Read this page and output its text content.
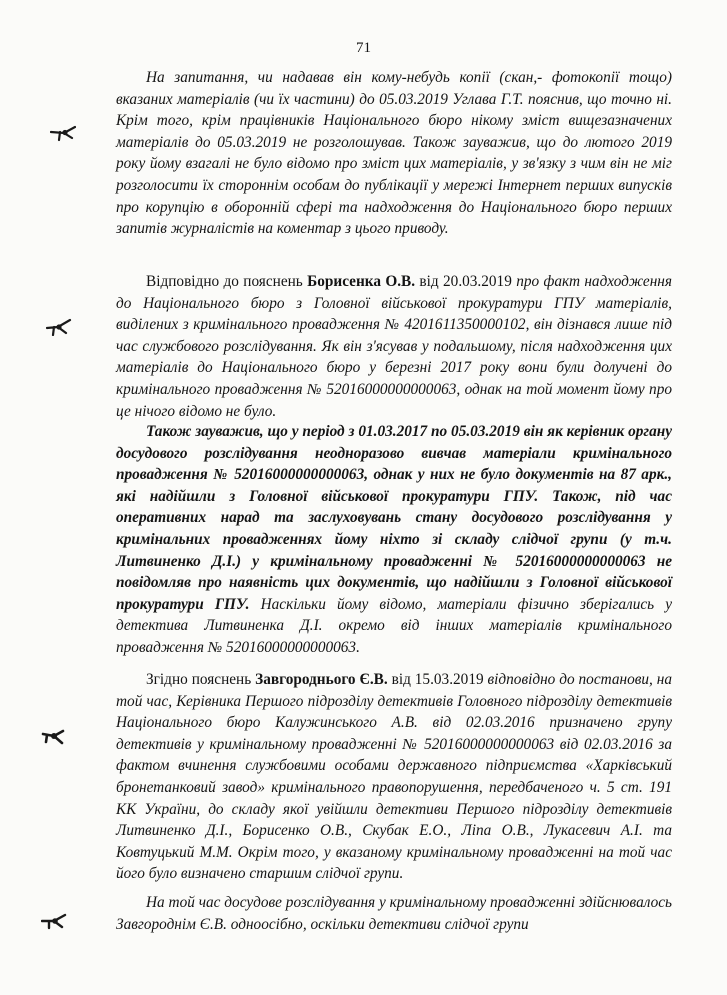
71

На запитання, чи надавав він кому-небудь копії (скан,- фотокопії тощо) вказаних матеріалів (чи їх частини) до 05.03.2019 Углава Г.Т. пояснив, що точно ні. Крім того, крім працівників Національного бюро нікому зміст вищезазначених матеріалів до 05.03.2019 не розголошував. Також зауважив, що до лютого 2019 року йому взагалі не було відомо про зміст цих матеріалів, у зв'язку з чим він не міг розголосити їх стороннім особам до публікації у мережі Інтернет перших випусків про корупцію в оборонній сфері та надходження до Національного бюро перших запитів журналістів на коментар з цього приводу.

Відповідно до пояснень Борисенка О.В. від 20.03.2019 про факт надходження до Національного бюро з Головної військової прокуратури ГПУ матеріалів, виділених з кримінального провадження № 4201611350000102, він дізнався лише під час службового розслідування. Як він з'ясував у подальшому, після надходження цих матеріалів до Національного бюро у березні 2017 року вони були долучені до кримінального провадження № 52016000000000063, однак на той момент йому про це нічого відомо не було.

Також зауважив, що у період з 01.03.2017 по 05.03.2019 він як керівник органу досудового розслідування неодноразово вивчав матеріали кримінального провадження № 52016000000000063, однак у них не було документів на 87 арк., які надійшли з Головної військової прокуратури ГПУ. Також, під час оперативних нарад та заслуховувань стану досудового розслідування у кримінальних провадженнях йому ніхто зі складу слідчої групи (у т.ч. Литвиненко Д.І.) у кримінальному провадженні № 52016000000000063 не повідомляв про наявність цих документів, що надійшли з Головної військової прокуратури ГПУ. Наскільки йому відомо, матеріали фізично зберігались у детектива Литвиненка Д.І. окремо від інших матеріалів кримінального провадження № 52016000000000063.

Згідно пояснень Завгороднього Є.В. від 15.03.2019 відповідно до постанови, на той час, Керівника Першого підрозділу детективів Головного підрозділу детективів Національного бюро Калужинського А.В. від 02.03.2016 призначено групу детективів у кримінальному провадженні № 52016000000000063 від 02.03.2016 за фактом вчинення службовими особами державного підприємства «Харківський бронетанковий завод» кримінального правопорушення, передбаченого ч. 5 ст. 191 КК України, до складу якої увійшли детективи Першого підрозділу детективів Литвиненко Д.І., Борисенко О.В., Скубак Е.О., Ліпа О.В., Лукасевич А.І. та Ковтуцький М.М. Окрім того, у вказаному кримінальному провадженні на той час його було визначено старшим слідчої групи.

На той час досудове розслідування у кримінальному провадженні здійснювалось Завгороднім Є.В. одноосібно, оскільки детективи слідчої групи
